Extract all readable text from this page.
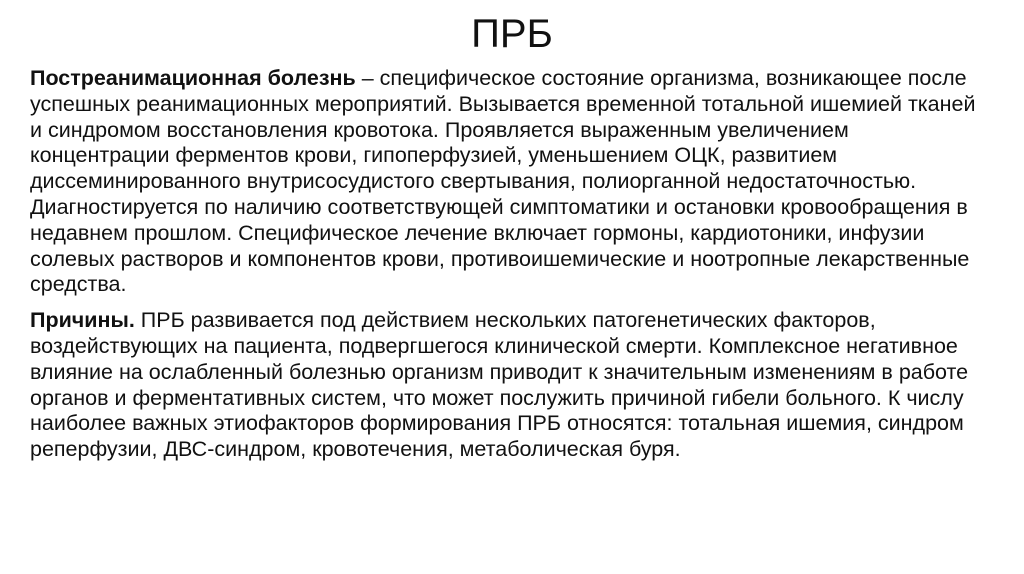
ПРБ

Постреанимационная болезнь – специфическое состояние организма, возникающее после успешных реанимационных мероприятий. Вызывается временной тотальной ишемией тканей и синдромом восстановления кровотока. Проявляется выраженным увеличением концентрации ферментов крови, гипоперфузией, уменьшением ОЦК, развитием диссеминированного внутрисосудистого свертывания, полиорганной недостаточностью. Диагностируется по наличию соответствующей симптоматики и остановки кровообращения в недавнем прошлом. Специфическое лечение включает гормоны, кардиотоники, инфузии солевых растворов и компонентов крови, противоишемические и ноотропные лекарственные средства.

Причины. ПРБ развивается под действием нескольких патогенетических факторов, воздействующих на пациента, подвергшегося клинической смерти. Комплексное негативное влияние на ослабленный болезнью организм приводит к значительным изменениям в работе органов и ферментативных систем, что может послужить причиной гибели больного. К числу наиболее важных этиофакторов формирования ПРБ относятся: тотальная ишемия, синдром реперфузии, ДВС-синдром, кровотечения, метаболическая буря.
